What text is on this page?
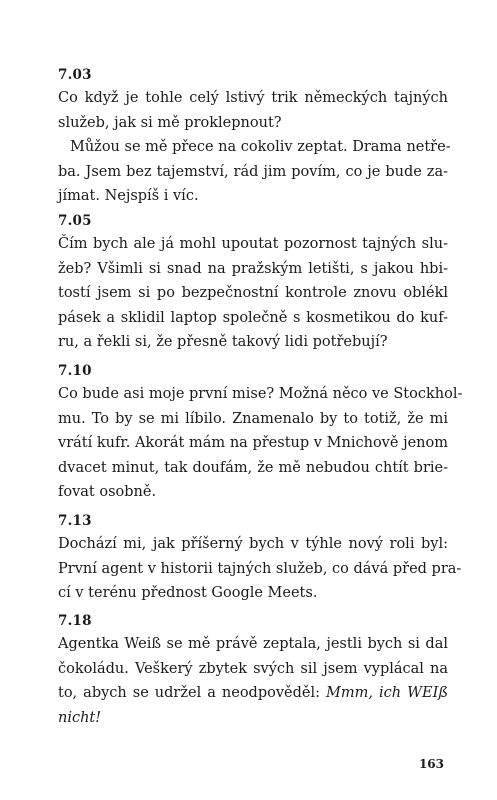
7.03
Co když je tohle celý lstivý trik německých tajných
služeb, jak si mě proklepnout?
Můžou se mě přece na cokoliv zeptat. Drama netře-
ba. Jsem bez tajemství, rád jim povím, co je bude za-
jímat. Nejspíš i víc.
7.05
Čím bych ale já mohl upoutat pozornost tajných slu-
žeb? Všimli si snad na pražským letišti, s jakou hbi-
tostí jsem si po bezpečnostní kontrole znovu oblékl
pásek a sklidil laptop společně s kosmetikou do kuf-
ru, a řekli si, že přesně takový lidi potřebují?
7.10
Co bude asi moje první mise? Možná něco ve Stockhol-
mu. To by se mi líbilo. Znamenalo by to totiž, že mi
vrátí kufr. Akorát mám na přestup v Mnichově jenom
dvacet minut, tak doufám, že mě nebudou chtít brie-
fovat osobně.
7.13
Dochází mi, jak příšerný bych v týhle nový roli byl:
První agent v historii tajných služeb, co dává před pra-
cí v terénu přednost Google Meets.
7.18
Agentka Weiß se mě právě zeptala, jestli bych si dal
čokoládu. Veškerý zbytek svých sil jsem vyplácal na
to, abych se udržel a neodpověděl: Mmm, ich WEIß
nicht!
163
